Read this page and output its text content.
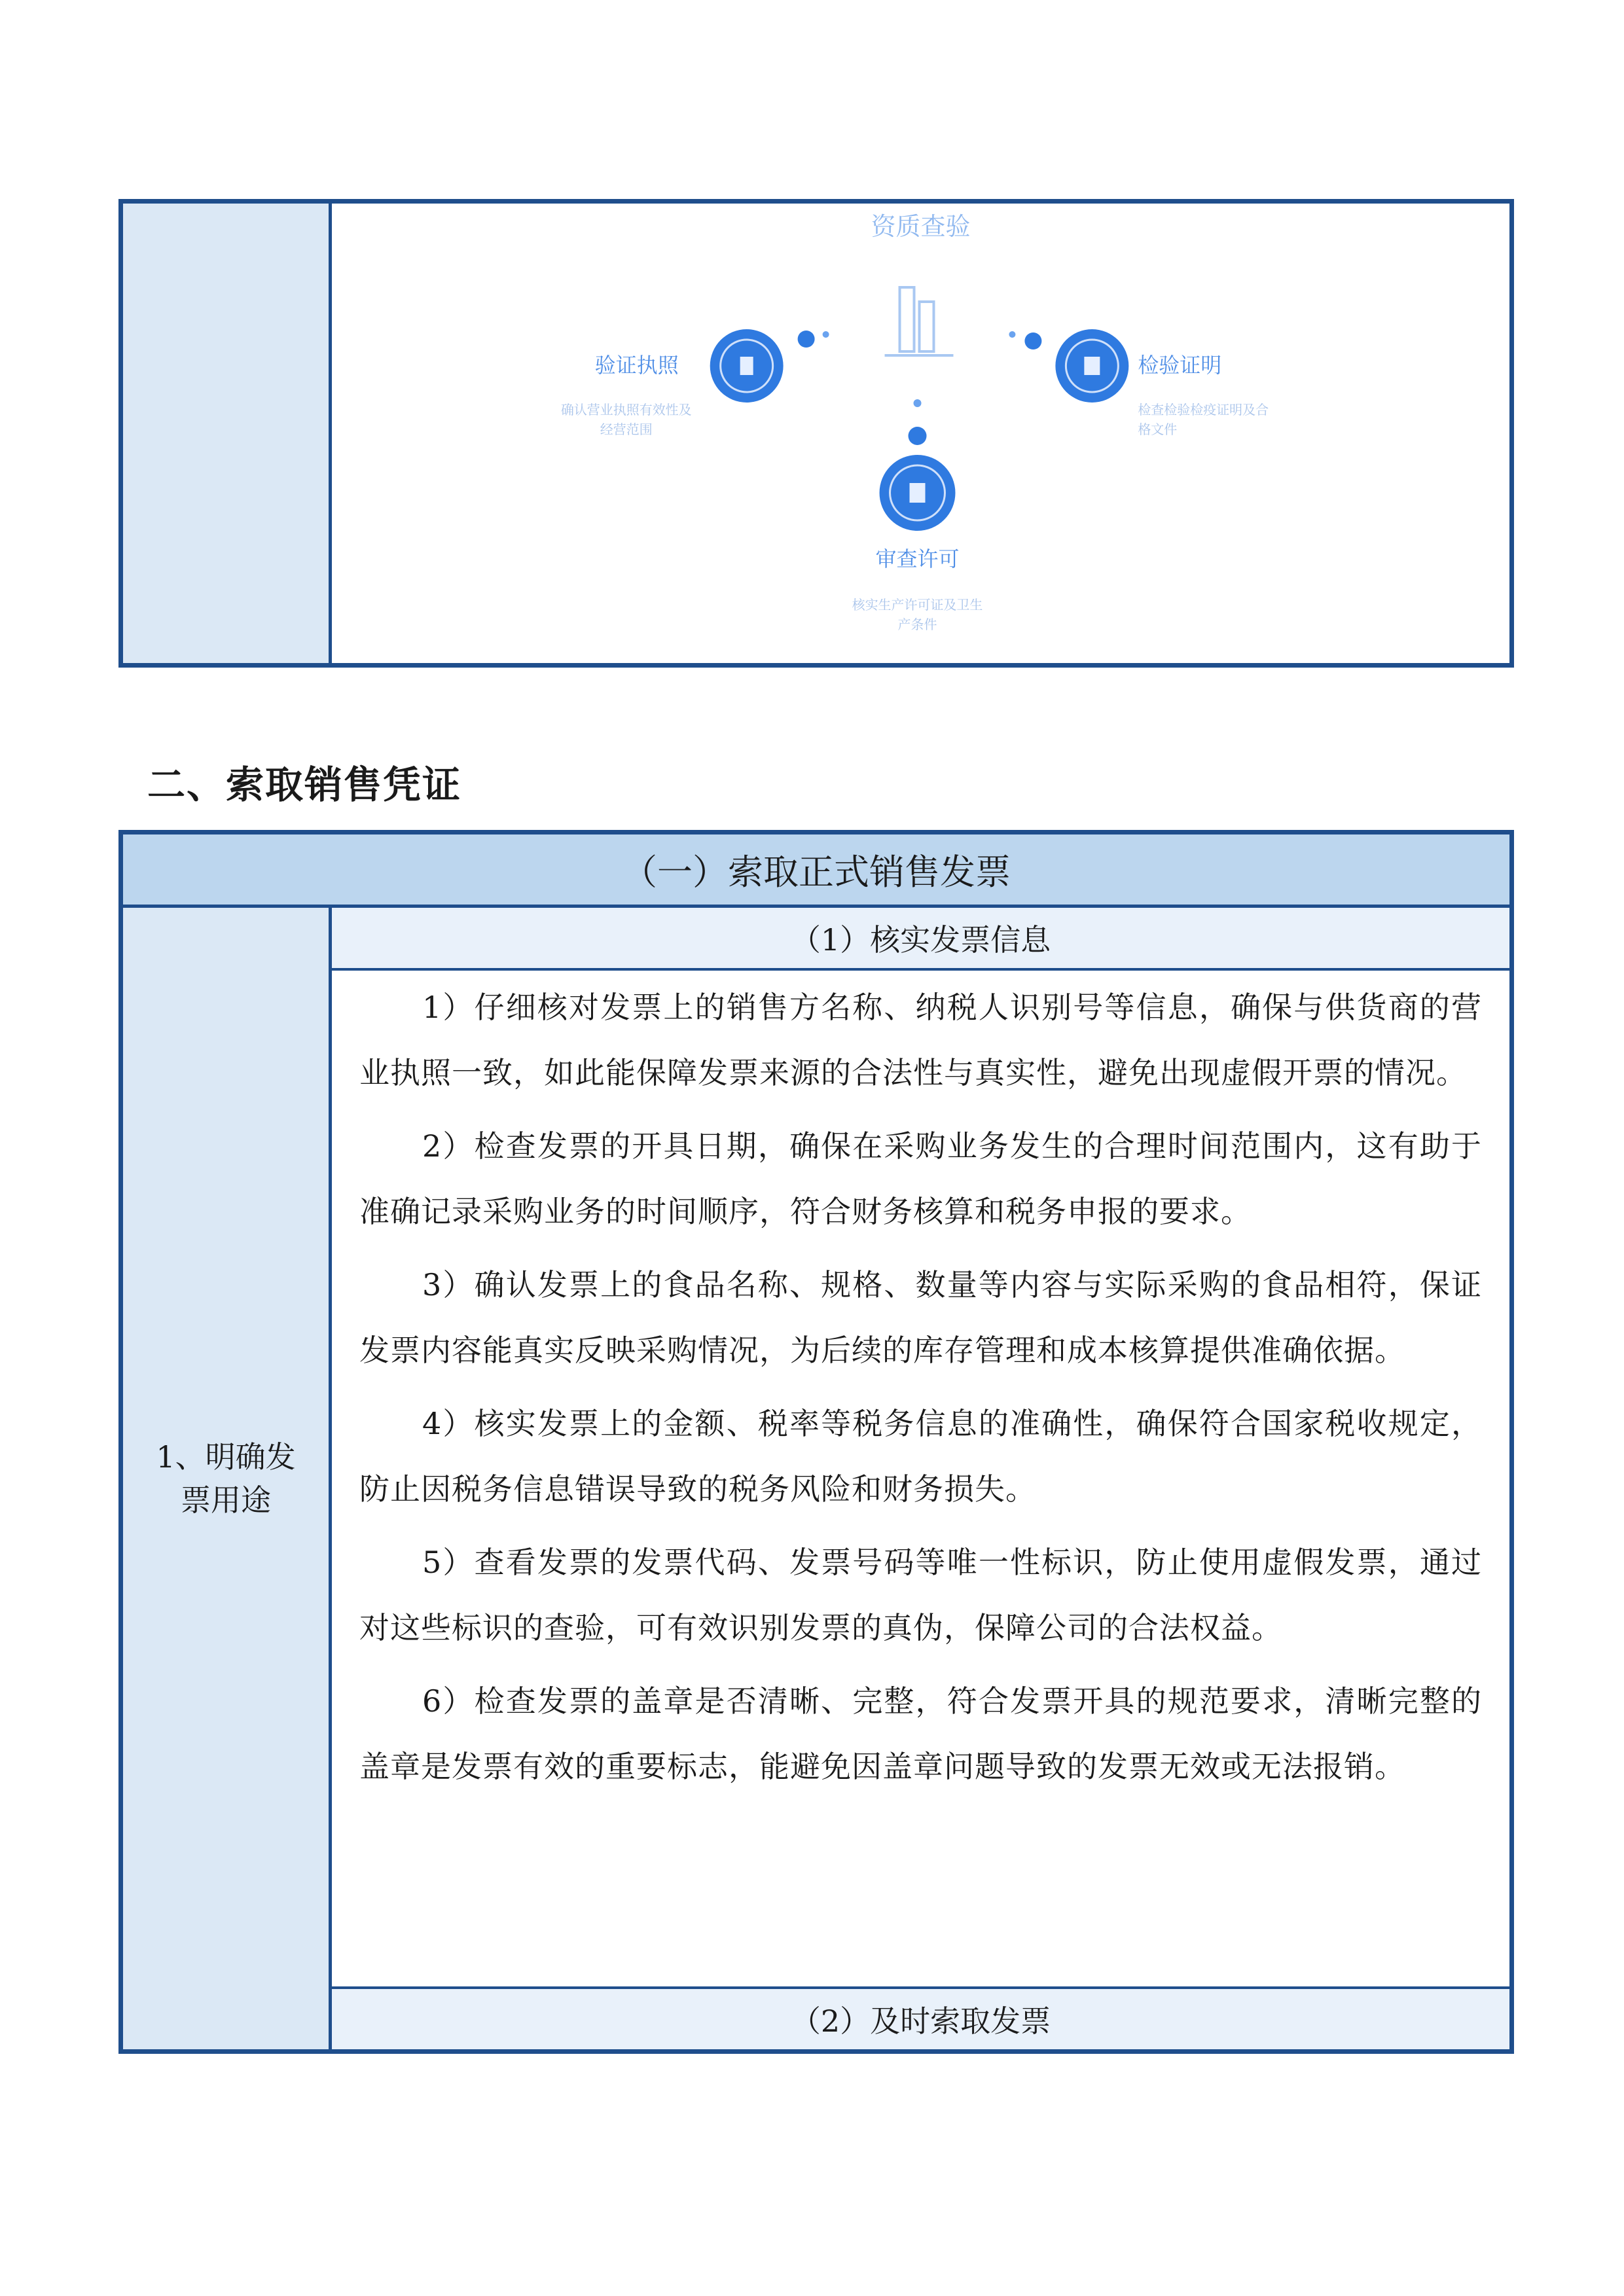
资质查验
验证执照
确认营业执照有效性及
经营范围
检验证明
检查检验检疫证明及合
格文件
审查许可
核实生产许可证及卫生
产条件
二、索取销售凭证
（一）索取正式销售发票
1、明确发票用途
（1）核实发票信息

1）仔细核对发票上的销售方名称、纳税人识别号等信息，确保与供货商的营业执照一致，如此能保障发票来源的合法性与真实性，避免出现虚假开票的情况。

2）检查发票的开具日期，确保在采购业务发生的合理时间范围内，这有助于准确记录采购业务的时间顺序，符合财务核算和税务申报的要求。

3）确认发票上的食品名称、规格、数量等内容与实际采购的食品相符，保证发票内容能真实反映采购情况，为后续的库存管理和成本核算提供准确依据。

4）核实发票上的金额、税率等税务信息的准确性，确保符合国家税收规定，防止因税务信息错误导致的税务风险和财务损失。

5）查看发票的发票代码、发票号码等唯一性标识，防止使用虚假发票，通过对这些标识的查验，可有效识别发票的真伪，保障公司的合法权益。

6）检查发票的盖章是否清晰、完整，符合发票开具的规范要求，清晰完整的盖章是发票有效的重要标志，能避免因盖章问题导致的发票无效或无法报销。

（2）及时索取发票
